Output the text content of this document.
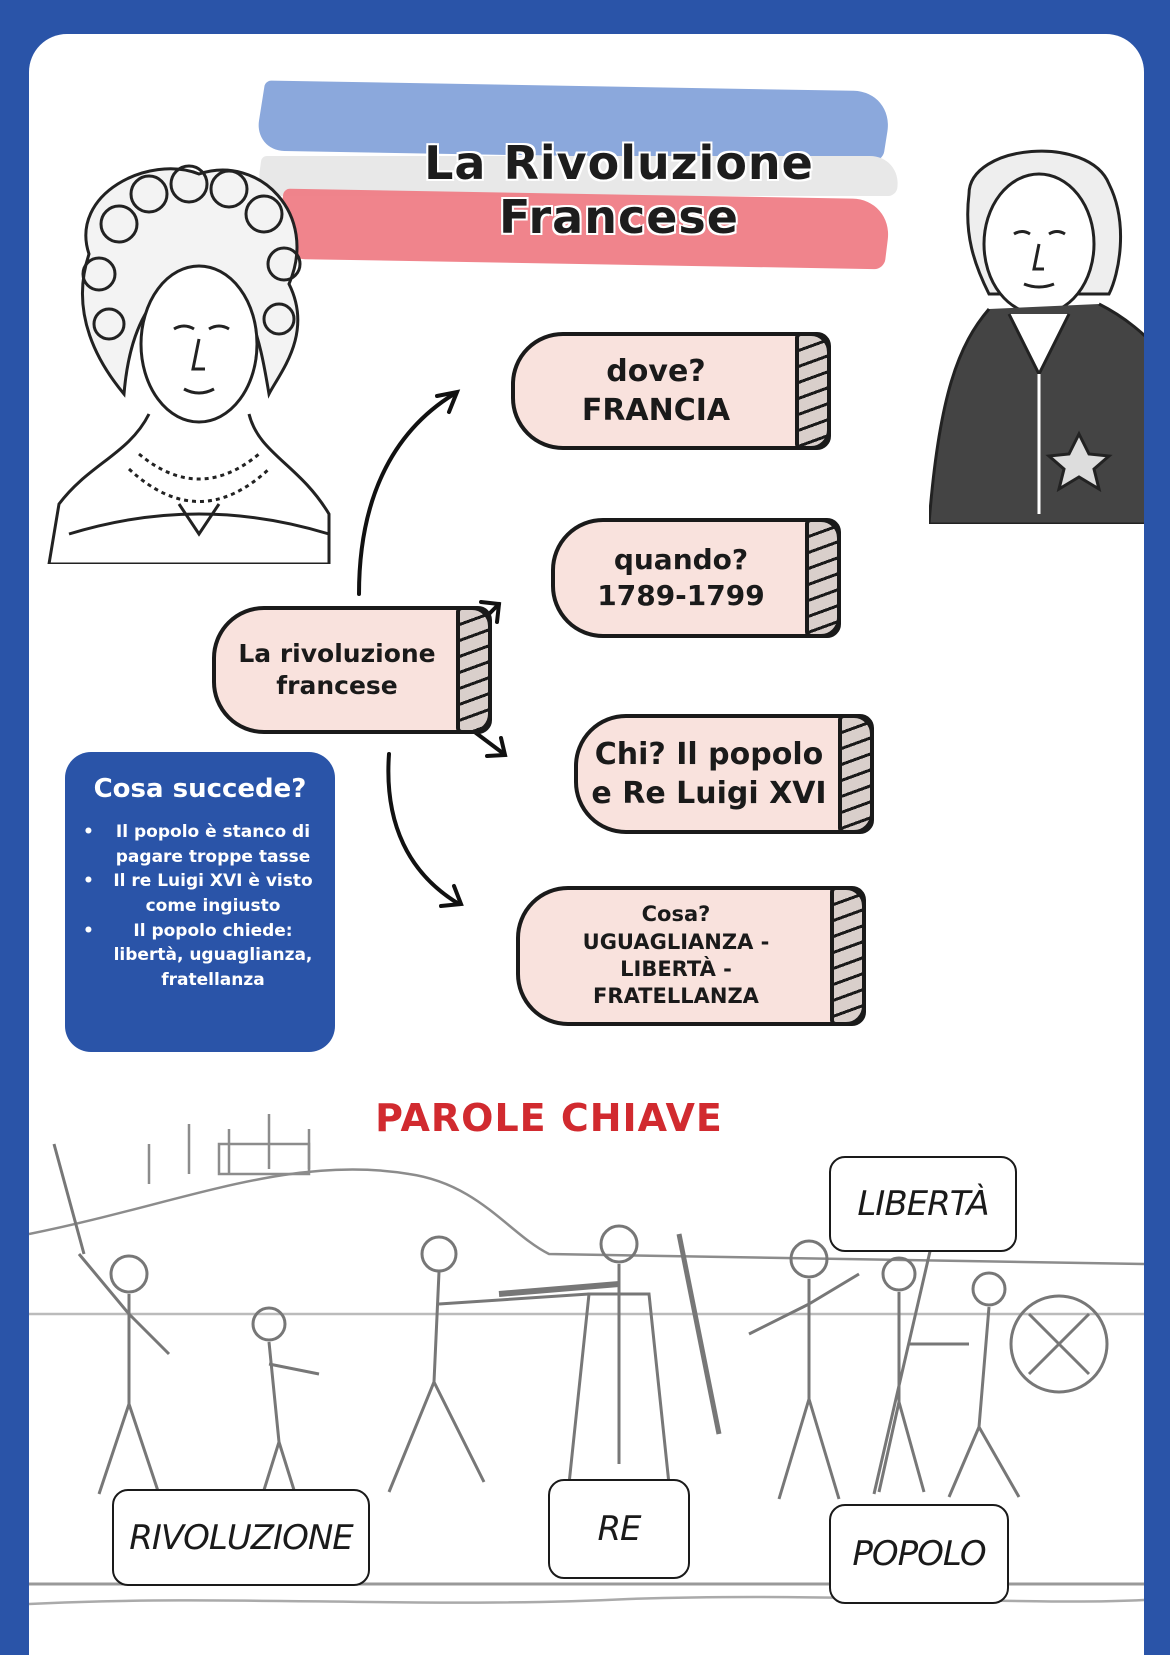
La Rivoluzione Francese
La rivoluzione
francese
dove?
FRANCIA
quando?
1789-1799
Chi? Il popolo
e Re Luigi XVI
Cosa?
UGUAGLIANZA -
LIBERTÀ -
FRATELLANZA
Cosa succede?
• Il popolo è stanco di pagare troppe tasse
• Il re Luigi XVI è visto come ingiusto
• Il popolo chiede: libertà, uguaglianza, fratellanza
PAROLE CHIAVE
LIBERTÀ
RIVOLUZIONE	RE
POPOLO
